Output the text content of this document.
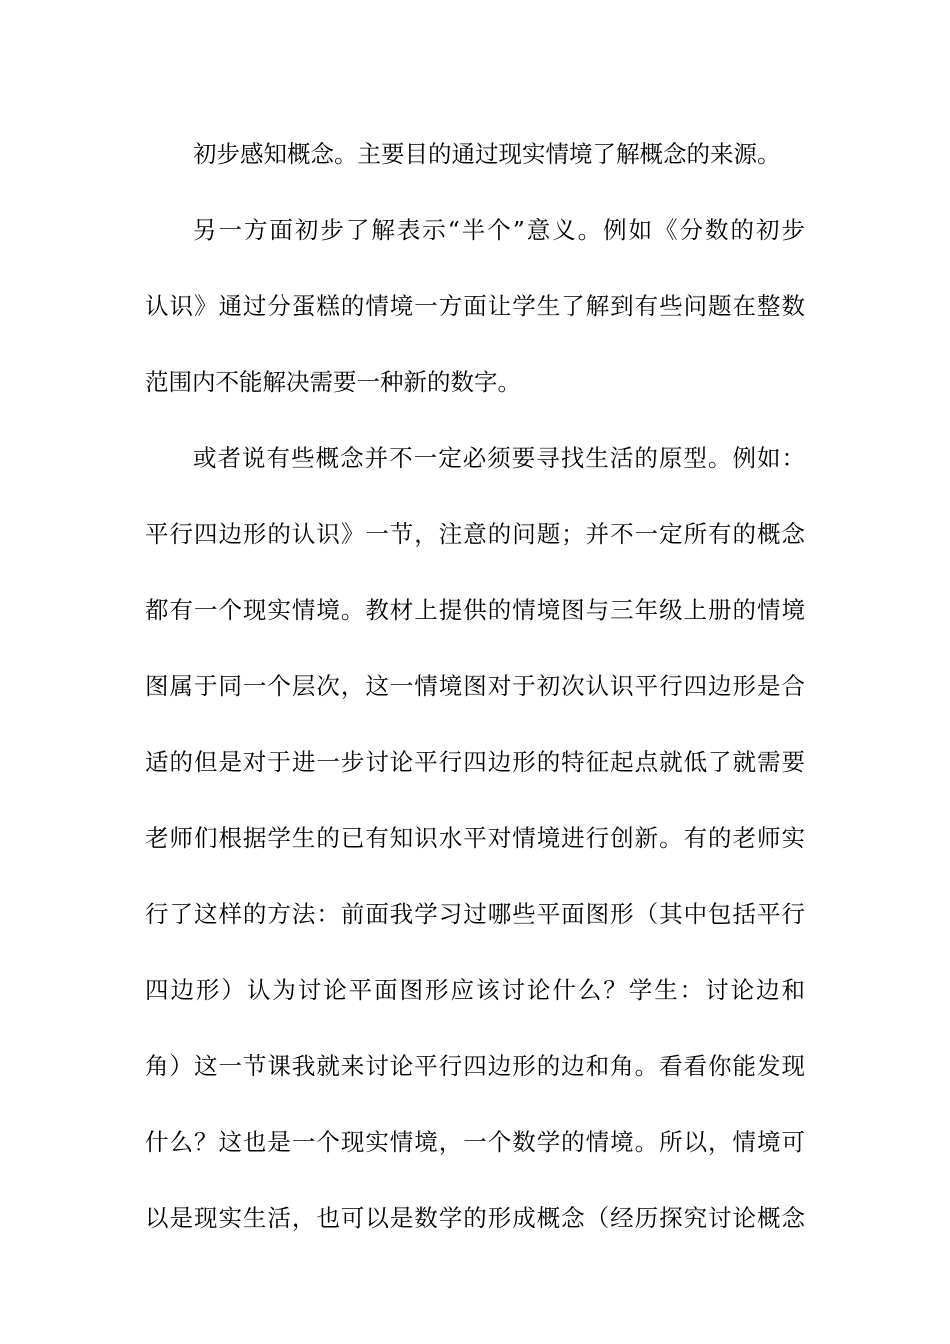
初步感知概念。主要目的通过现实情境了解概念的来源。
另一方面初步了解表示“半个”意义。例如《分数的初步
认识》通过分蛋糕的情境一方面让学生了解到有些问题在整数
范围内不能解决需要一种新的数字。
或者说有些概念并不一定必须要寻找生活的原型。例如：
平行四边形的认识》一节，注意的问题；并不一定所有的概念
都有一个现实情境。教材上提供的情境图与三年级上册的情境
图属于同一个层次，这一情境图对于初次认识平行四边形是合
适的但是对于进一步讨论平行四边形的特征起点就低了就需要
老师们根据学生的已有知识水平对情境进行创新。有的老师实
行了这样的方法：前面我学习过哪些平面图形（其中包括平行
四边形）认为讨论平面图形应该讨论什么？学生：讨论边和
角）这一节课我就来讨论平行四边形的边和角。看看你能发现
什么？这也是一个现实情境，一个数学的情境。所以，情境可
以是现实生活，也可以是数学的形成概念（经历探究讨论概念
